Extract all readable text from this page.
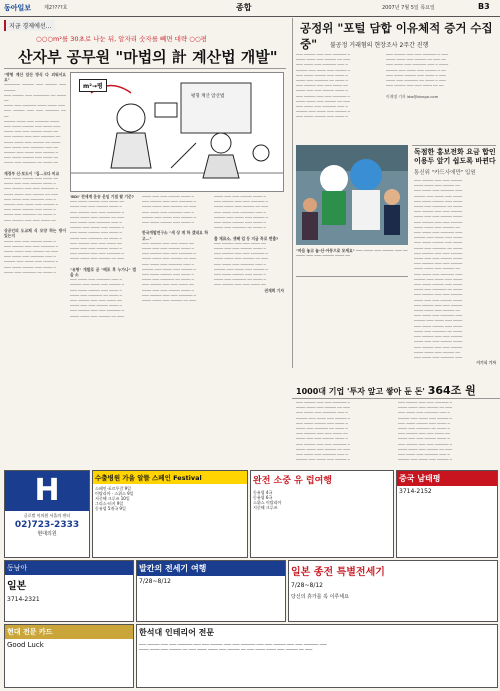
동아일보	제2????호	종합	2007년 7월 5일 목요일	B3
지금 경제에선…
○○○m²를 30초로 나눈 뒤, 알자리 숫자를 빼면 대략 ○○평
산자부 공무원 "마법의 計 계산법 개발"
"평형 계산 암산 방식 다 외워서요 요"
─────── ───── ─── ───── ─── ─────
─── ───── ─── ─────── ── ──── ──
──── ─── ────── ──── ──── ───
─── ───── ─── ─── ────── ── ──
───── ──── ─── ────── ────
─── ──── ───── ─── ──── ───
──── ─── ─── ───── ──── ──
─── ───── ─── ─── ────── ──
──── ──── ─── ───── ── ────
─── ──── ─── ────── ─── ──
───── ─── ──── ─── ───── ─
─── ──── ───── ─── ──── ──
──── ─── ────── ── ──── ──

재경부 신·보도이 "집…크다 비교
─── ──── ───── ─── ──── ──
──── ─── ─── ───── ──── ─
─── ───── ─── ─── ────── ─
──── ──── ─── ───── ── ───
─── ──── ─── ────── ─── ─
───── ─── ──── ─── ───── ─
─── ──── ───── ─── ──── ─
──── ─── ────── ── ──── ─
─── ───── ─── ─── ──── ──

상공인의 도교체 식 모양 하는 방이 있는지
──── ─── ─── ───── ──── ─
─── ───── ─── ─── ────── ─
──── ──── ─── ───── ── ───
─── ──── ─── ────── ─── ─
───── ─── ──── ─── ───── ─
─── ──── ───── ─── ──── ─
──── ─── ────── ── ──── ─
m²→평
평형 계산 암산법
'BDI' 전세계 운송 운임 기점 팔 기준?
─── ──── ───── ─── ──── ──
──── ─── ─── ───── ──── ─
─── ───── ─── ─── ────── ─
──── ──── ─── ───── ── ───
─── ──── ─── ────── ─── ─
───── ─── ──── ─── ───── ─
─── ──── ───── ─── ──── ─
──── ─── ────── ── ──── ─
─── ───── ─── ─── ──── ──
──── ─── ─── ───── ──── ─
─── ───── ─── ─── ────── ─
──── ──── ─── ───── ── ───

"유형" 개발로 곧 "배포 후 누가나" 법을 소
─── ──── ─── ────── ─── ─
───── ─── ──── ─── ───── ─
─── ──── ───── ─── ──── ─
──── ─── ────── ── ──── ─
─── ───── ─── ─── ──── ──
──── ─── ─── ───── ──── ─
─── ───── ─── ─── ────── ─
──── ──── ─── ───── ── ───
──── ─── ─── ───── ──── ─
─── ───── ─── ─── ────── ─
──── ──── ─── ───── ── ───
─── ──── ─── ────── ─── ─
───── ─── ──── ─── ───── ─
─── ──── ───── ─── ──── ─

한국개발연구소 "세 상 게 하 겠네요 하고…"
─── ───── ─── ─── ──── ──
──── ─── ─── ───── ──── ─
─── ───── ─── ─── ────── ─
──── ──── ─── ───── ── ───
─── ──── ─── ────── ─── ─
───── ─── ──── ─── ───── ─
─── ──── ───── ─── ──── ─
──── ─── ────── ── ──── ─
─── ───── ─── ─── ──── ──
──── ─── ─── ───── ──── ─
─── ───── ─── ─── ────── ─
──── ──── ─── ───── ── ───
──── ─── ─── ───── ──── ─
─── ───── ─── ─── ────── ─
──── ──── ─── ───── ── ───
─── ──── ─── ────── ─── ─
───── ─── ──── ─── ───── ─
─── ──── ───── ─── ──── ─
──── ─── ────── ── ──── ─

출 재료소, 셋째 업 등 지금 꼭로 면출?
─── ───── ─── ─── ──── ──
──── ─── ─── ───── ──── ─
─── ───── ─── ─── ────── ─
──── ──── ─── ───── ── ───
─── ──── ─── ────── ─── ─
───── ─── ──── ─── ───── ─
─── ──── ───── ─── ──── ─
──── ─── ────── ── ──── ─
─── ───── ─── ─── ──── ──

권재희 기자
공정위 "포털 담합 이유체적 증거 수집 중"	불공정 거래혐의 현장조사 2주간 진행
─── ───── ─── ─── ────── ─
──── ──── ─── ───── ── ───
─── ──── ─── ────── ─── ─
───── ─── ──── ─── ───── ─
─── ──── ───── ─── ──── ─
──── ─── ────── ── ──── ─
─── ───── ─── ─── ──── ──
──── ─── ─── ───── ──── ─
─── ───── ─── ─── ────── ─
──── ──── ─── ───── ── ───
─── ──── ─── ────── ─── ─
───── ─── ──── ─── ───── ─
─── ──── ───── ─── ──── ─
─── ───── ─── ─── ────── ─ ───
──── ──── ─── ───── ── ─── ──
─── ──── ─── ────── ─── ─ ────
───── ─── ──── ─── ───── ─ ──
─── ──── ───── ─── ──── ─ ───
──── ─── ────── ── ──── ─ ───
─── ───── ─── ─── ──── ── ──

이재명 기자 ldw@donga.com
"마음 놓고 놀-산·아동으로 모세요" ─── ──── ─── ───── ─── ── ──── ─── ─── ───── ──── ──
독점한 홍보전화 요금 합인 이용두 앞기 쉽도록 바뀐다
통신위 "카드사에만" 입원
─── ───── ─── ─── ─────
──── ──── ─── ───── ──
─── ──── ─── ────── ───
───── ─── ──── ─── ────
─── ──── ───── ─── ────
──── ─── ────── ── ────
─── ───── ─── ─── ─────
──── ─── ─── ───── ────
─── ───── ─── ─── ─────
──── ──── ─── ───── ──
─── ──── ─── ────── ───
───── ─── ──── ─── ────
─── ──── ───── ─── ────
──── ─── ────── ── ────
─── ───── ─── ─── ─────
──── ─── ─── ───── ────
─── ───── ─── ─── ─────
──── ──── ─── ───── ──
─── ──── ─── ────── ───
───── ─── ──── ─── ────
─── ──── ───── ─── ────
──── ─── ────── ── ────
─── ───── ─── ─── ─────
──── ─── ─── ───── ────
─── ───── ─── ─── ─────
──── ──── ─── ───── ──
─── ──── ─── ────── ───
───── ─── ──── ─── ────
─── ──── ───── ─── ────
──── ─── ────── ── ────
─── ───── ─── ─── ─────
──── ─── ─── ───── ────
─── ───── ─── ─── ─────
──── ──── ─── ───── ──
─── ──── ─── ────── ───

이기식 기자
1000대 기업 '투자 앞고 쌓아 둔 돈' 364조 원
─── ───── ─── ─── ────── ─
──── ──── ─── ───── ── ───
─── ──── ─── ────── ─── ─
───── ─── ──── ─── ───── ─
─── ──── ───── ─── ──── ─
──── ─── ────── ── ──── ─
─── ───── ─── ─── ──── ──
──── ─── ─── ───── ──── ─
─── ───── ─── ─── ────── ─
──── ──── ─── ───── ── ───
─── ──── ─── ────── ─── ─
───── ─── ──── ─── ───── ─
─── ───── ─── ─── ────── ─
──── ──── ─── ───── ── ───
─── ──── ─── ────── ─── ─
───── ─── ──── ─── ───── ─
─── ──── ───── ─── ──── ─
──── ─── ────── ── ──── ─
─── ───── ─── ─── ──── ──
──── ─── ─── ───── ──── ─
─── ───── ─── ─── ────── ─
──── ──── ─── ───── ── ───
─── ──── ─── ────── ─── ─
───── ─── ──── ─── ───── ─
H
글로벌 이의원 서울의 센터
02)723-2333
현대의원
수출병원 가을 알뜰 스페인 Festival
스페인·포르투갈 9일
이탈리아 · 스위스 9일
지중해 크루즈 10일
그리스·터키 9일
동유럽 5개국 9일
완전 소중 유 럽여행
동유럽 4국
동유럽 6국
스위스 이탈리아
지중해 크루즈
중국 남태평
3714-2152
동남아
일본
3714-2321
발칸의 전세기 여행
7/28~8/12
일본 종전 특별전세기
7/28~8/12
당신의 휴가를 꼭 이루세요
현대 전문 카드
Good Luck
한석대 인테리어 전문
─── ───── ─── ─── ────── ─── ─── ───── ─── ─── ────── ─── ─── ───── ─── ─── ────── ───
──── ──── ─── ───── ── ─── ──── ──── ─── ───── ── ─── ──── ──── ─── ───── ── ───
